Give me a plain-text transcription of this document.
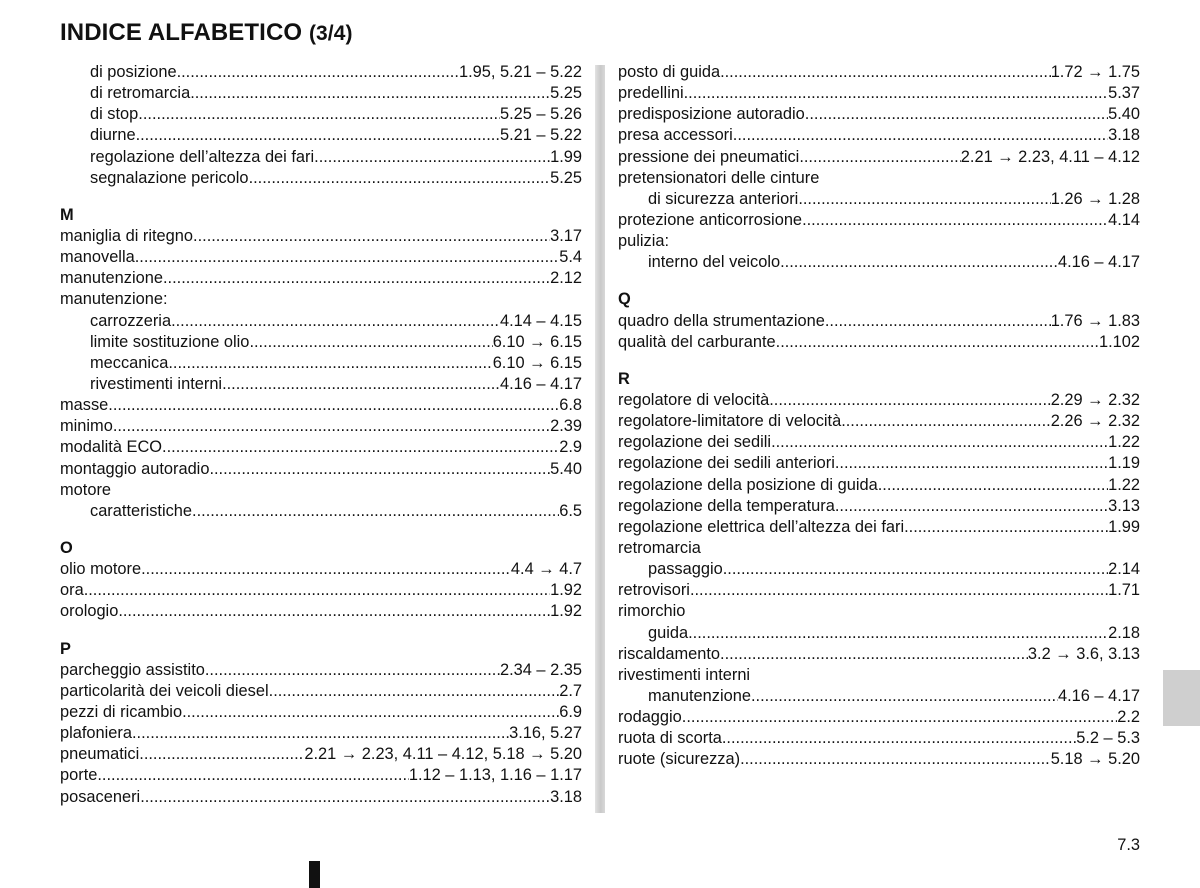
INDICE ALFABETICO (3/4)
di posizione .....	1.95, 5.21 – 5.22
di retromarcia .....	5.25
di stop .....	5.25 – 5.26
diurne .....	5.21 – 5.22
regolazione dell’altezza dei fari .....	1.99
segnalazione pericolo .....	5.25
M
maniglia di ritegno .....	3.17
manovella .....	5.4
manutenzione .....	2.12
manutenzione:
carrozzeria .....	4.14 – 4.15
limite sostituzione olio .....	6.10 → 6.15
meccanica .....	6.10 → 6.15
rivestimenti interni .....	4.16 – 4.17
masse .....	6.8
minimo .....	2.39
modalità ECO .....	2.9
montaggio autoradio .....	5.40
motore
caratteristiche .....	6.5
O
olio motore .....	4.4 → 4.7
ora .....	1.92
orologio .....	1.92
P
parcheggio assistito .....	2.34 – 2.35
particolarità dei veicoli diesel .....	2.7
pezzi di ricambio .....	6.9
plafoniera .....	3.16, 5.27
pneumatici .....	2.21 → 2.23, 4.11 – 4.12, 5.18 → 5.20
porte .....	1.12 – 1.13, 1.16 – 1.17
posaceneri .....	3.18
posto di guida .....	1.72 → 1.75
predellini .....	5.37
predisposizione autoradio .....	5.40
presa accessori .....	3.18
pressione dei pneumatici .....	2.21 → 2.23, 4.11 – 4.12
pretensionatori delle cinture
di sicurezza anteriori .....	1.26 → 1.28
protezione anticorrosione .....	4.14
pulizia:
interno del veicolo .....	4.16 – 4.17
Q
quadro della strumentazione .....	1.76 → 1.83
qualità del carburante .....	1.102
R
regolatore di velocità .....	2.29 → 2.32
regolatore-limitatore di velocità .....	2.26 → 2.32
regolazione dei sedili .....	1.22
regolazione dei sedili anteriori .....	1.19
regolazione della posizione di guida .....	1.22
regolazione della temperatura .....	3.13
regolazione elettrica dell’altezza dei fari .....	1.99
retromarcia
passaggio .....	2.14
retrovisori .....	1.71
rimorchio
guida .....	2.18
riscaldamento .....	3.2 → 3.6, 3.13
rivestimenti interni
manutenzione .....	4.16 – 4.17
rodaggio .....	2.2
ruota di scorta .....	5.2 – 5.3
ruote (sicurezza) .....	5.18 → 5.20
7.3
